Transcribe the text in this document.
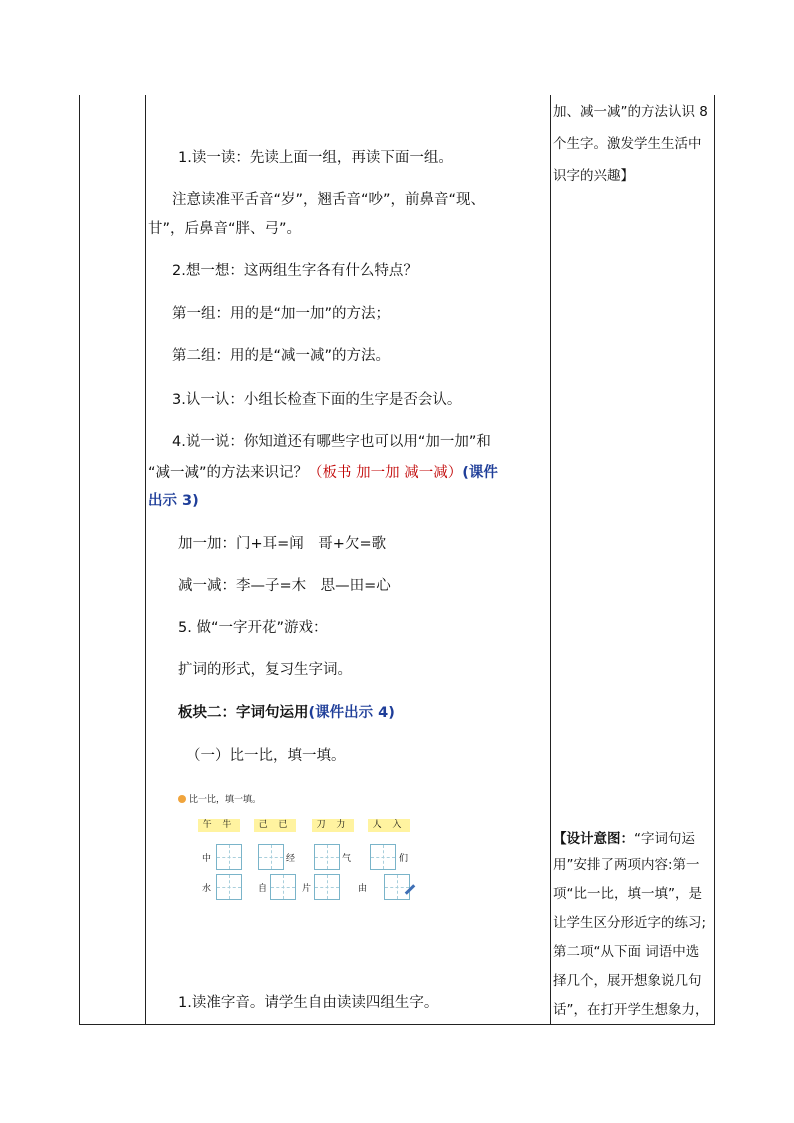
1.读一读：先读上面一组，再读下面一组。
注意读准平舌音“岁”，翘舌音“吵”，前鼻音“现、
甘”，后鼻音“胖、弓”。
2.想一想：这两组生字各有什么特点？
第一组：用的是“加一加”的方法；
第二组：用的是“减一减”的方法。
3.认一认：小组长检查下面的生字是否会认。
4.说一说：你知道还有哪些字也可以用“加一加”和
“减一减”的方法来识记？（板书 加一加 减一减）(课件
出示 3)
加一加：门+耳=闻　哥+欠=歌
减一减：李—子=木　思—田=心
5. 做“一字开花”游戏：
扩词的形式，复习生字词。
板块二：字词句运用(课件出示 4)
（一）比一比，填一填。
比一比，填一填。
午 牛	己 已	刀 力	人 入
中	经	气	们
水	自	片	由
1.读准字音。请学生自由读读四组生字。
加、减一减”的方法认识 8
个生字。激发学生生活中
识字的兴趣】
【设计意图：“字词句运
用”安排了两项内容:第一
项“比一比，填一填”，是
让学生区分形近字的练习;
第二项“从下面 词语中选
择几个，展开想象说几句
话”，在打开学生想象力，
